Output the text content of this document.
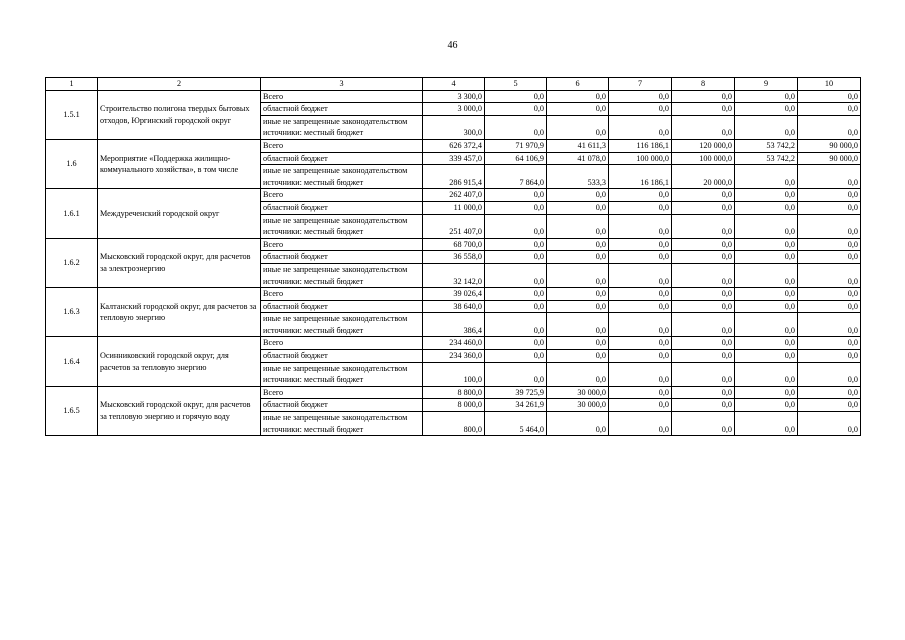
46
1	2	3	4	5	6	7	8	9	10
1.5.1	Строительство полигона твердых бытовых отходов, Юргинский городской округ	Всего	3 300,0	0,0	0,0	0,0	0,0	0,0	0,0
		областной бюджет	3 000,0	0,0	0,0	0,0	0,0	0,0	0,0
		иные не запрещенные законодательством источники: местный бюджет	300,0	0,0	0,0	0,0	0,0	0,0	0,0

1.6	Мероприятие «Поддержка жилищно-коммунального хозяйства», в том числе	Всего	626 372,4	71 970,9	41 611,3	116 186,1	120 000,0	53 742,2	90 000,0
		областной бюджет	339 457,0	64 106,9	41 078,0	100 000,0	100 000,0	53 742,2	90 000,0
		иные не запрещенные законодательством источники: местный бюджет	286 915,4	7 864,0	533,3	16 186,1	20 000,0	0,0	0,0

1.6.1	Междуреченский городской округ	Всего	262 407,0	0,0	0,0	0,0	0,0	0,0	0,0
		областной бюджет	11 000,0	0,0	0,0	0,0	0,0	0,0	0,0
		иные не запрещенные законодательством источники: местный бюджет	251 407,0	0,0	0,0	0,0	0,0	0,0	0,0

1.6.2	Мысковский городской округ, для расчетов за электроэнергию	Всего	68 700,0	0,0	0,0	0,0	0,0	0,0	0,0
		областной бюджет	36 558,0	0,0	0,0	0,0	0,0	0,0	0,0
		иные не запрещенные законодательством источники: местный бюджет	32 142,0	0,0	0,0	0,0	0,0	0,0	0,0

1.6.3	Калтанский городской округ, для расчетов за тепловую энергию	Всего	39 026,4	0,0	0,0	0,0	0,0	0,0	0,0
		областной бюджет	38 640,0	0,0	0,0	0,0	0,0	0,0	0,0
		иные не запрещенные законодательством источники: местный бюджет	386,4	0,0	0,0	0,0	0,0	0,0	0,0

1.6.4	Осинниковский городской округ, для расчетов за тепловую энергию	Всего	234 460,0	0,0	0,0	0,0	0,0	0,0	0,0
		областной бюджет	234 360,0	0,0	0,0	0,0	0,0	0,0	0,0
		иные не запрещенные законодательством источники: местный бюджет	100,0	0,0	0,0	0,0	0,0	0,0	0,0

1.6.5	Мысковский городской округ, для расчетов за тепловую энергию и горячую воду	Всего	8 800,0	39 725,9	30 000,0	0,0	0,0	0,0	0,0
		областной бюджет	8 000,0	34 261,9	30 000,0	0,0	0,0	0,0	0,0
		иные не запрещенные законодательством источники: местный бюджет	800,0	5 464,0	0,0	0,0	0,0	0,0	0,0
